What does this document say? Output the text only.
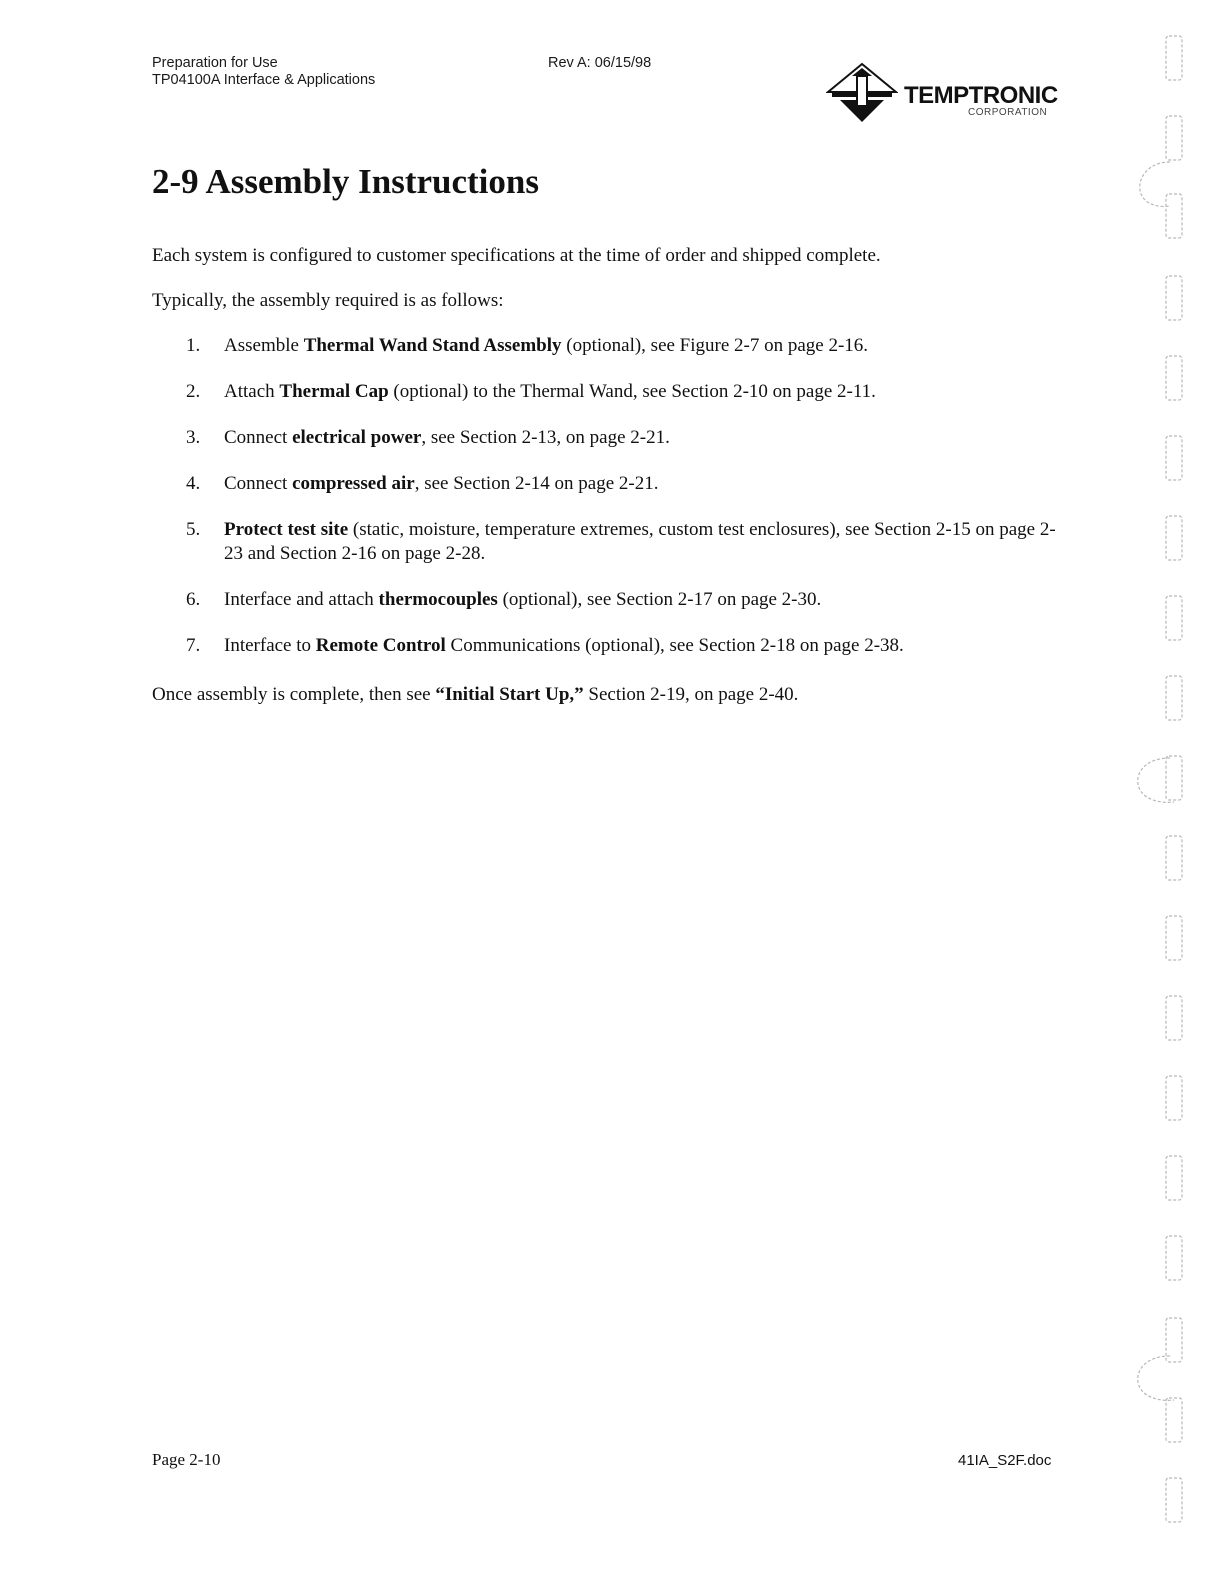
Preparation for Use
TP04100A Interface & Applications
Rev A: 06/15/98
TEMPTRONIC
CORPORATION
2-9 Assembly Instructions

Each system is configured to customer specifications at the time of order and shipped complete.

Typically, the assembly required is as follows:

1. Assemble Thermal Wand Stand Assembly (optional), see Figure 2-7 on page 2-16.
2. Attach Thermal Cap (optional) to the Thermal Wand, see Section 2-10 on page 2-11.
3. Connect electrical power, see Section 2-13, on page 2-21.
4. Connect compressed air, see Section 2-14 on page 2-21.
5. Protect test site (static, moisture, temperature extremes, custom test enclosures), see Section 2-15 on page 2-23 and Section 2-16 on page 2-28.
6. Interface and attach thermocouples (optional), see Section 2-17 on page 2-30.
7. Interface to Remote Control Communications (optional), see Section 2-18 on page 2-38.

Once assembly is complete, then see “Initial Start Up,” Section 2-19, on page 2-40.

Page 2-10	41IA_S2F.doc
